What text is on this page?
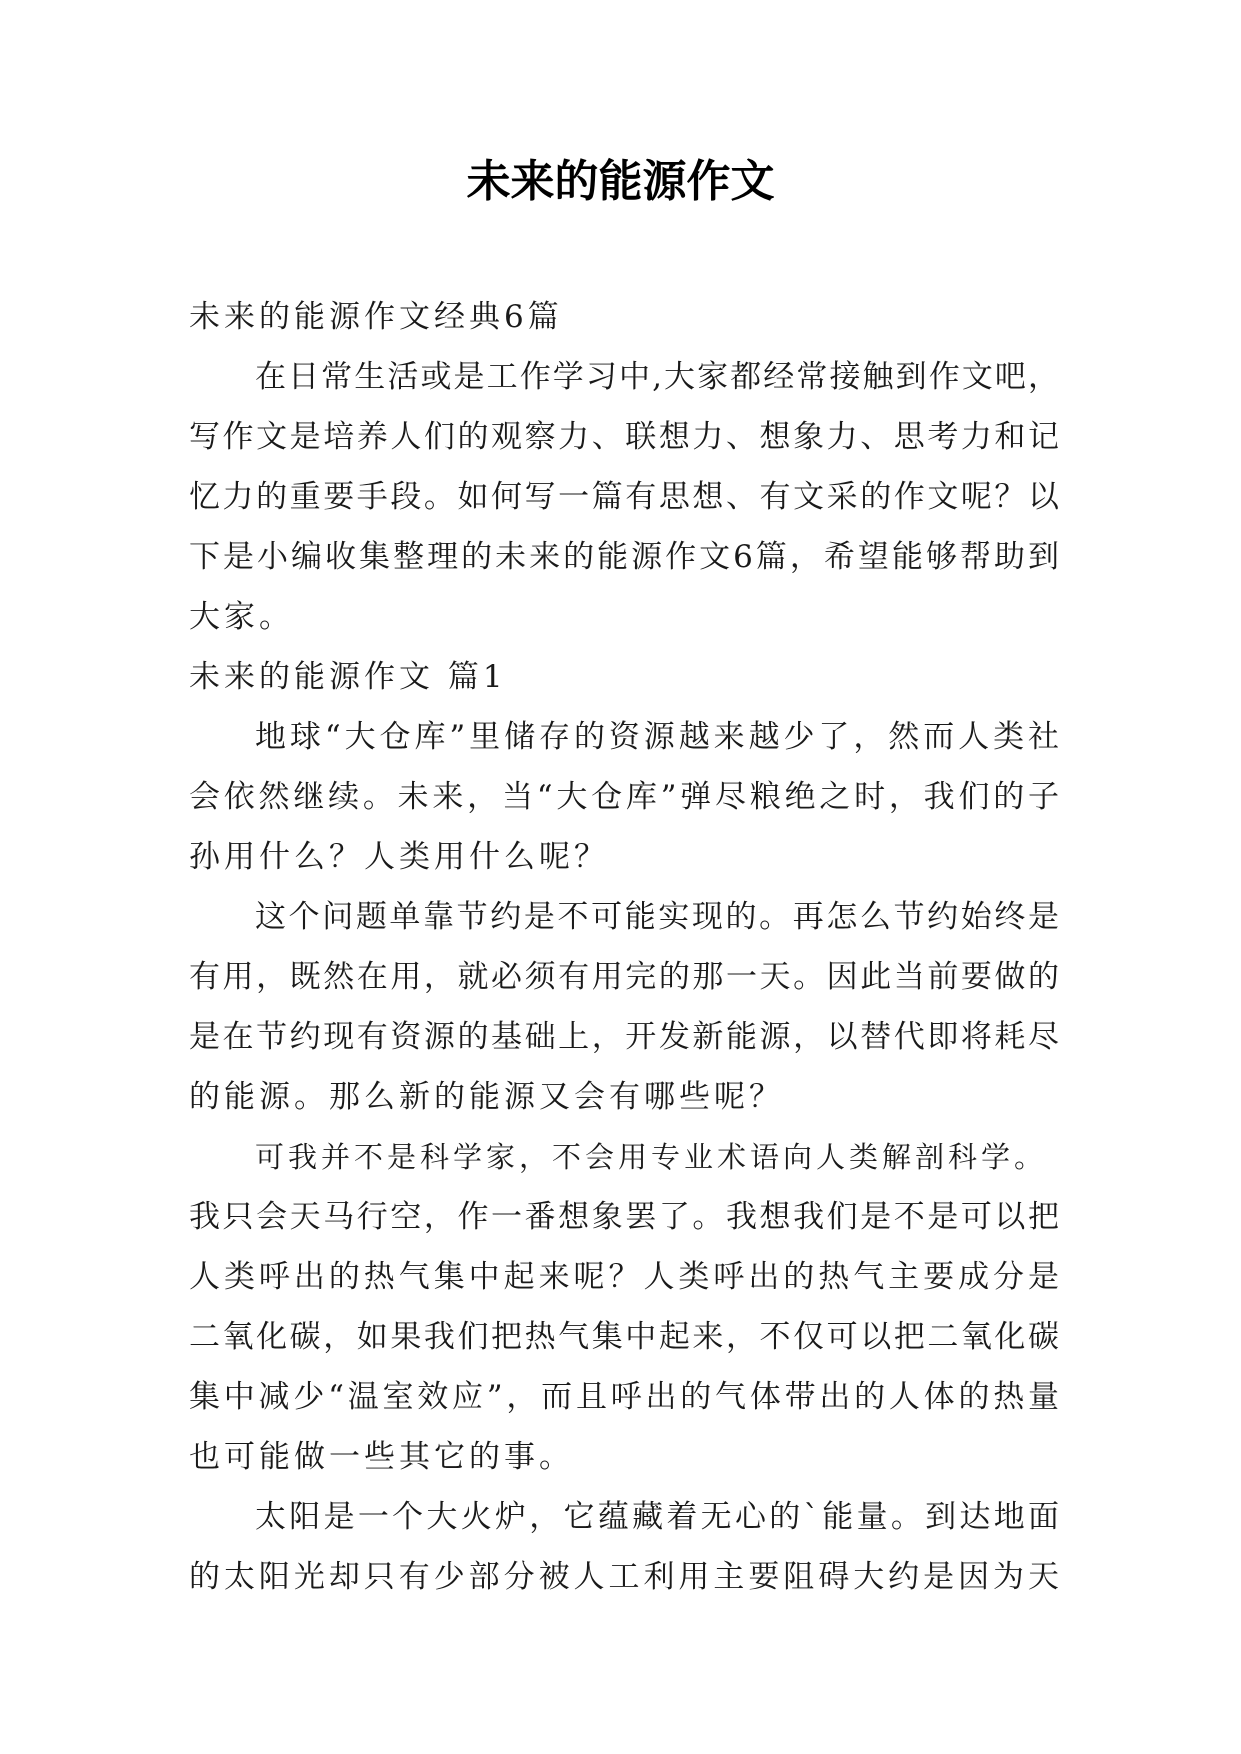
未来的能源作文
未来的能源作文经典6篇
在日常生活或是工作学习中,大家都经常接触到作文吧，
写作文是培养人们的观察力、联想力、想象力、思考力和记
忆力的重要手段。如何写一篇有思想、有文采的作文呢？以
下是小编收集整理的未来的能源作文6篇，希望能够帮助到
大家。
未来的能源作文 篇1
地球“大仓库”里储存的资源越来越少了，然而人类社
会依然继续。未来，当“大仓库”弹尽粮绝之时，我们的子
孙用什么？人类用什么呢？
这个问题单靠节约是不可能实现的。再怎么节约始终是
有用，既然在用，就必须有用完的那一天。因此当前要做的
是在节约现有资源的基础上，开发新能源，以替代即将耗尽
的能源。那么新的能源又会有哪些呢？
可我并不是科学家，不会用专业术语向人类解剖科学。
我只会天马行空，作一番想象罢了。我想我们是不是可以把
人类呼出的热气集中起来呢？人类呼出的热气主要成分是
二氧化碳，如果我们把热气集中起来，不仅可以把二氧化碳
集中减少“温室效应”，而且呼出的气体带出的人体的热量
也可能做一些其它的事。
太阳是一个大火炉，它蕴藏着无心的`能量。到达地面
的太阳光却只有少部分被人工利用主要阻碍大约是因为天
